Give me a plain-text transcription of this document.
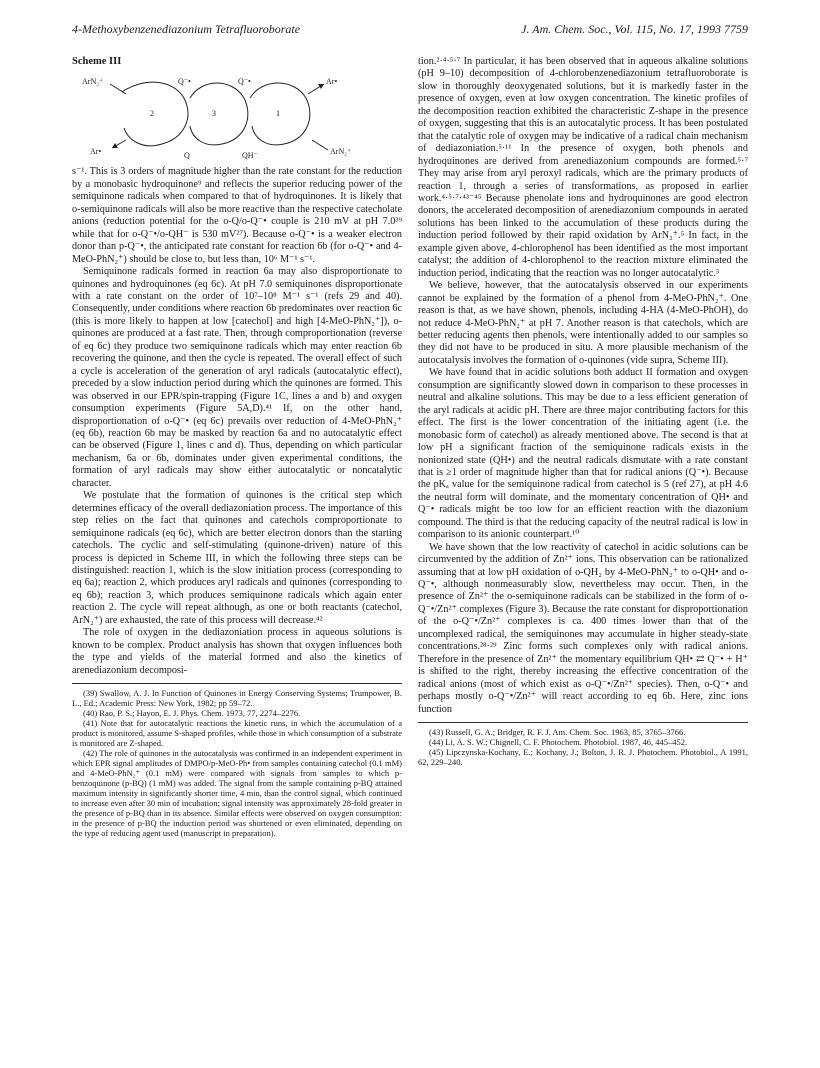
4-Methoxybenzenediazonium Tetrafluoroborate	J. Am. Chem. Soc., Vol. 115, No. 17, 1993 7759
Scheme III
ArN₂⁺	Q⁻•	Q⁻•	Ar•
2	3	1
Ar•	Q	QH⁻	ArN₂⁺

s⁻¹. This is 3 orders of magnitude higher than the rate constant for the reduction by a monobasic hydroquinone⁹ and reflects the superior reducing power of the semiquinone radicals when compared to that of hydroquinones. It is likely that o-semiquinone radicals will also be more reactive than the respective catecholate anions (reduction potential for the o-Q/o-Q⁻• couple is 210 mV at pH 7.0³⁹ while that for o-Q⁻•/o-QH⁻ is 530 mV²⁷). Because o-Q⁻• is a weaker electron donor than p-Q⁻•, the anticipated rate constant for reaction 6b (for o-Q⁻• and 4-MeO-PhN₂⁺) should be close to, but less than, 10⁶ M⁻¹ s⁻¹.

Semiquinone radicals formed in reaction 6a may also disproportionate to quinones and hydroquinones (eq 6c). At pH 7.0 semiquinones disproportionate with a rate constant on the order of 10⁷–10⁸ M⁻¹ s⁻¹ (refs 29 and 40). Consequently, under conditions where reaction 6b predominates over reaction 6c (this is more likely to happen at low [catechol] and high [4-MeO-PhN₂⁺]), o-quinones are produced at a fast rate. Then, through comproportionation (reverse of eq 6c) they produce two semiquinone radicals which may enter reaction 6b recovering the quinone, and then the cycle is repeated. The overall effect of such a cycle is acceleration of the generation of aryl radicals (autocatalytic effect), preceded by a slow induction period during which the quinones are formed. This was observed in our EPR/spin-trapping (Figure 1C, lines a and b) and oxygen consumption experiments (Figure 5A,D).⁴¹ If, on the other hand, disproportionation of o-Q⁻• (eq 6c) prevails over reduction of 4-MeO-PhN₂⁺ (eq 6b), reaction 6b may be masked by reaction 6a and no autocatalytic effect can be observed (Figure 1, lines c and d). Thus, depending on which particular mechanism, 6a or 6b, dominates under given experimental conditions, the formation of aryl radicals may show either autocatalytic or noncatalytic character.

We postulate that the formation of quinones is the critical step which determines efficacy of the overall dediazoniation process. The importance of this step relies on the fact that quinones and catechols comproportionate to semiquinone radicals (eq 6c), which are better electron donors than the starting catechols. The cyclic and self-stimulating (quinone-driven) nature of this process is depicted in Scheme III, in which the following three steps can be distinguished: reaction 1, which is the slow initiation process (corresponding to eq 6a); reaction 2, which produces aryl radicals and quinones (corresponding to eq 6b); reaction 3, which produces semiquinone radicals which again enter reaction 2. The cycle will repeat although, as one or both reactants (catechol, ArN₂⁺) are exhausted, the rate of this process will decrease.⁴²

The role of oxygen in the dediazoniation process in aqueous solutions is known to be complex. Product analysis has shown that oxygen influences both the type and yields of the material formed and also the kinetics of arenediazonium decomposi-

(39) Swallow, A. J. In Function of Quinones in Energy Conserving Systems; Trumpower, B. L., Ed.; Academic Press: New York, 1982; pp 59–72.

(40) Rao, P. S.; Hayon, E. J. Phys. Chem. 1973, 77, 2274–2276.

(41) Note that for autocatalytic reactions the kinetic runs, in which the accumulation of a product is monitored, assume S-shaped profiles, while those in which consumption of a substrate is monitored are Z-shaped.

(42) The role of quinones in the autocatalysis was confirmed in an independent experiment in which EPR signal amplitudes of DMPO/p-MeO-Ph• from samples containing catechol (0.1 mM) and 4-MeO-PhN₂⁺ (0.1 mM) were compared with signals from samples to which p-benzoquinone (p-BQ) (1 mM) was added. The signal from the sample containing p-BQ attained maximum intensity in significantly shorter time, 4 min, than the control signal, which continued to increase even after 30 min of incubation; signal intensity was approximately 28-fold greater in the presence of p-BQ than in its absence. Similar effects were observed on oxygen consumption: in the presence of p-BQ the induction period was shortened or even eliminated, depending on the type of reducing agent used (manuscript in preparation).

tion.²·⁴·⁵·⁷ In particular, it has been observed that in aqueous alkaline solutions (pH 9–10) decomposition of 4-chlorobenzenediazonium tetrafluoroborate is slow in thoroughly deoxygenated solutions, but it is markedly faster in the presence of oxygen, even at low oxygen concentration. The kinetic profiles of the decomposition reaction exhibited the characteristic Z-shape in the presence of oxygen, suggesting that this is an autocatalytic process. It has been postulated that the catalytic role of oxygen may be indicative of a radical chain mechanism of dediazoniation.⁵·¹¹ In the presence of oxygen, both phenols and hydroquinones are derived from arenediazonium compounds are formed.⁵·⁷ They may arise from aryl peroxyl radicals, which are the primary products of reaction 1, through a series of transformations, as proposed in earlier work.⁴·⁵·⁷·⁴³⁻⁴⁵ Because phenolate ions and hydroquinones are good electron donors, the accelerated decomposition of arenediazonium compounds in aerated solutions has been linked to the accumulation of these products during the induction period followed by their rapid oxidation by ArN₂⁺.⁵ In fact, in the example given above, 4-chlorophenol has been identified as the most important catalyst; the addition of 4-chlorophenol to the reaction mixture eliminated the induction period, indicating that the reaction was no longer autocatalytic.⁵

We believe, however, that the autocatalysis observed in our experiments cannot be explained by the formation of a phenol from 4-MeO-PhN₂⁺. One reason is that, as we have shown, phenols, including 4-HA (4-MeO-PhOH), do not reduce 4-MeO-PhN₂⁺ at pH 7. Another reason is that catechols, which are better reducing agents then phenols, were intentionally added to our samples so they did not have to be produced in situ. A more plausible mechanism of the autocatalysis involves the formation of o-quinones (vide supra, Scheme III).

We have found that in acidic solutions both adduct II formation and oxygen consumption are significantly slowed down in comparison to these processes in neutral and alkaline solutions. This may be due to a less efficient generation of the aryl radicals at acidic pH. There are three major contributing factors for this effect. The first is the lower concentration of the initiating agent (i.e. the monobasic form of catechol) as already mentioned above. The second is that at low pH a significant fraction of the semiquinone radicals exists in the nonionized state (QH•) and the neutral radicals dismutate with a rate constant that is ≥1 order of magnitude higher than that for radical anions (Q⁻•). Because the pKₐ value for the semiquinone radical from catechol is 5 (ref 27), at pH 4.6 the neutral form will dominate, and the momentary concentration of QH• and Q⁻• radicals might be too low for an efficient reaction with the diazonium compound. The third is that the reducing capacity of the neutral radical is low in comparison to its anionic counterpart.¹⁰

We have shown that the low reactivity of catechol in acidic solutions can be circumvented by the addition of Zn²⁺ ions. This observation can be rationalized assuming that at low pH oxidation of o-QH₂ by 4-MeO-PhN₂⁺ to o-QH• and o-Q⁻•, although nonmeasurably slow, nevertheless may occur. Then, in the presence of Zn²⁺ the o-semiquinone radicals can be stabilized in the form of o-Q⁻•/Zn²⁺ complexes (Figure 3). Because the rate constant for disproportionation of the o-Q⁻•/Zn²⁺ complexes is ca. 400 times lower than that of the uncomplexed radical, the semiquinones may accumulate in higher steady-state concentrations.²⁸·²⁹ Zinc forms such complexes only with radical anions. Therefore in the presence of Zn²⁺ the momentary equilibrium QH• ⇄ Q⁻• + H⁺ is shifted to the right, thereby increasing the effective concentration of the radical anions (most of which exist as o-Q⁻•/Zn²⁺ species). Then, o-Q⁻• and perhaps mostly o-Q⁻•/Zn²⁺ will react according to eq 6b. Here, zinc ions function

(43) Russell, G. A.; Bridger, R. F. J. Am. Chem. Soc. 1963, 85, 3765–3766.

(44) Li, A. S. W.; Chignell, C. F. Photochem. Photobiol. 1987, 46, 445–452.

(45) Lipczynska-Kochany, E.; Kochany, J.; Bolton, J. R. J. Photochem. Photobiol., A 1991, 62, 229–240.
